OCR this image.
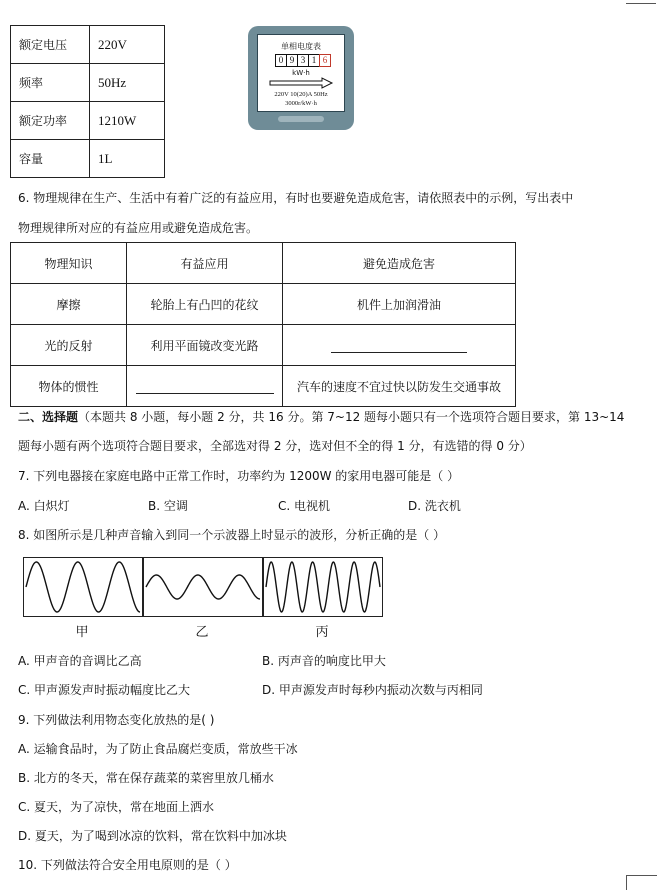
额定电压	220V
频率	50Hz
额定功率	1210W
容量	1L
单相电度表
0 9 3 1 6
kW·h
220V 10(20)A 50Hz
3000r/kW·h
6. 物理规律在生产、生活中有着广泛的有益应用，有时也要避免造成危害，请依照表中的示例，写出表中
物理规律所对应的有益应用或避免造成危害。
物理知识	有益应用	避免造成危害
摩擦	轮胎上有凸凹的花纹	机件上加润滑油
光的反射	利用平面镜改变光路	
物体的惯性		汽车的速度不宜过快以防发生交通事故
二、选择题（本题共 8 小题，每小题 2 分，共 16 分。第 7~12 题每小题只有一个选项符合题目要求，第 13~14
题每小题有两个选项符合题目要求，全部选对得 2 分，选对但不全的得 1 分，有选错的得 0 分）
7. 下列电器接在家庭电路中正常工作时，功率约为 1200W 的家用电器可能是（ ）
A. 白炽灯	B. 空调	C. 电视机	D. 洗衣机
8. 如图所示是几种声音输入到同一个示波器上时显示的波形，分析正确的是（ ）
甲	乙	丙
A. 甲声音的音调比乙高	B. 丙声音的响度比甲大
C. 甲声源发声时振动幅度比乙大	D. 甲声源发声时每秒内振动次数与丙相同
9. 下列做法利用物态变化放热的是( )
A. 运输食品时，为了防止食品腐烂变质，常放些干冰
B. 北方的冬天，常在保存蔬菜的菜窖里放几桶水
C. 夏天，为了凉快，常在地面上洒水
D. 夏天，为了喝到冰凉的饮料，常在饮料中加冰块
10. 下列做法符合安全用电原则的是（ ）
